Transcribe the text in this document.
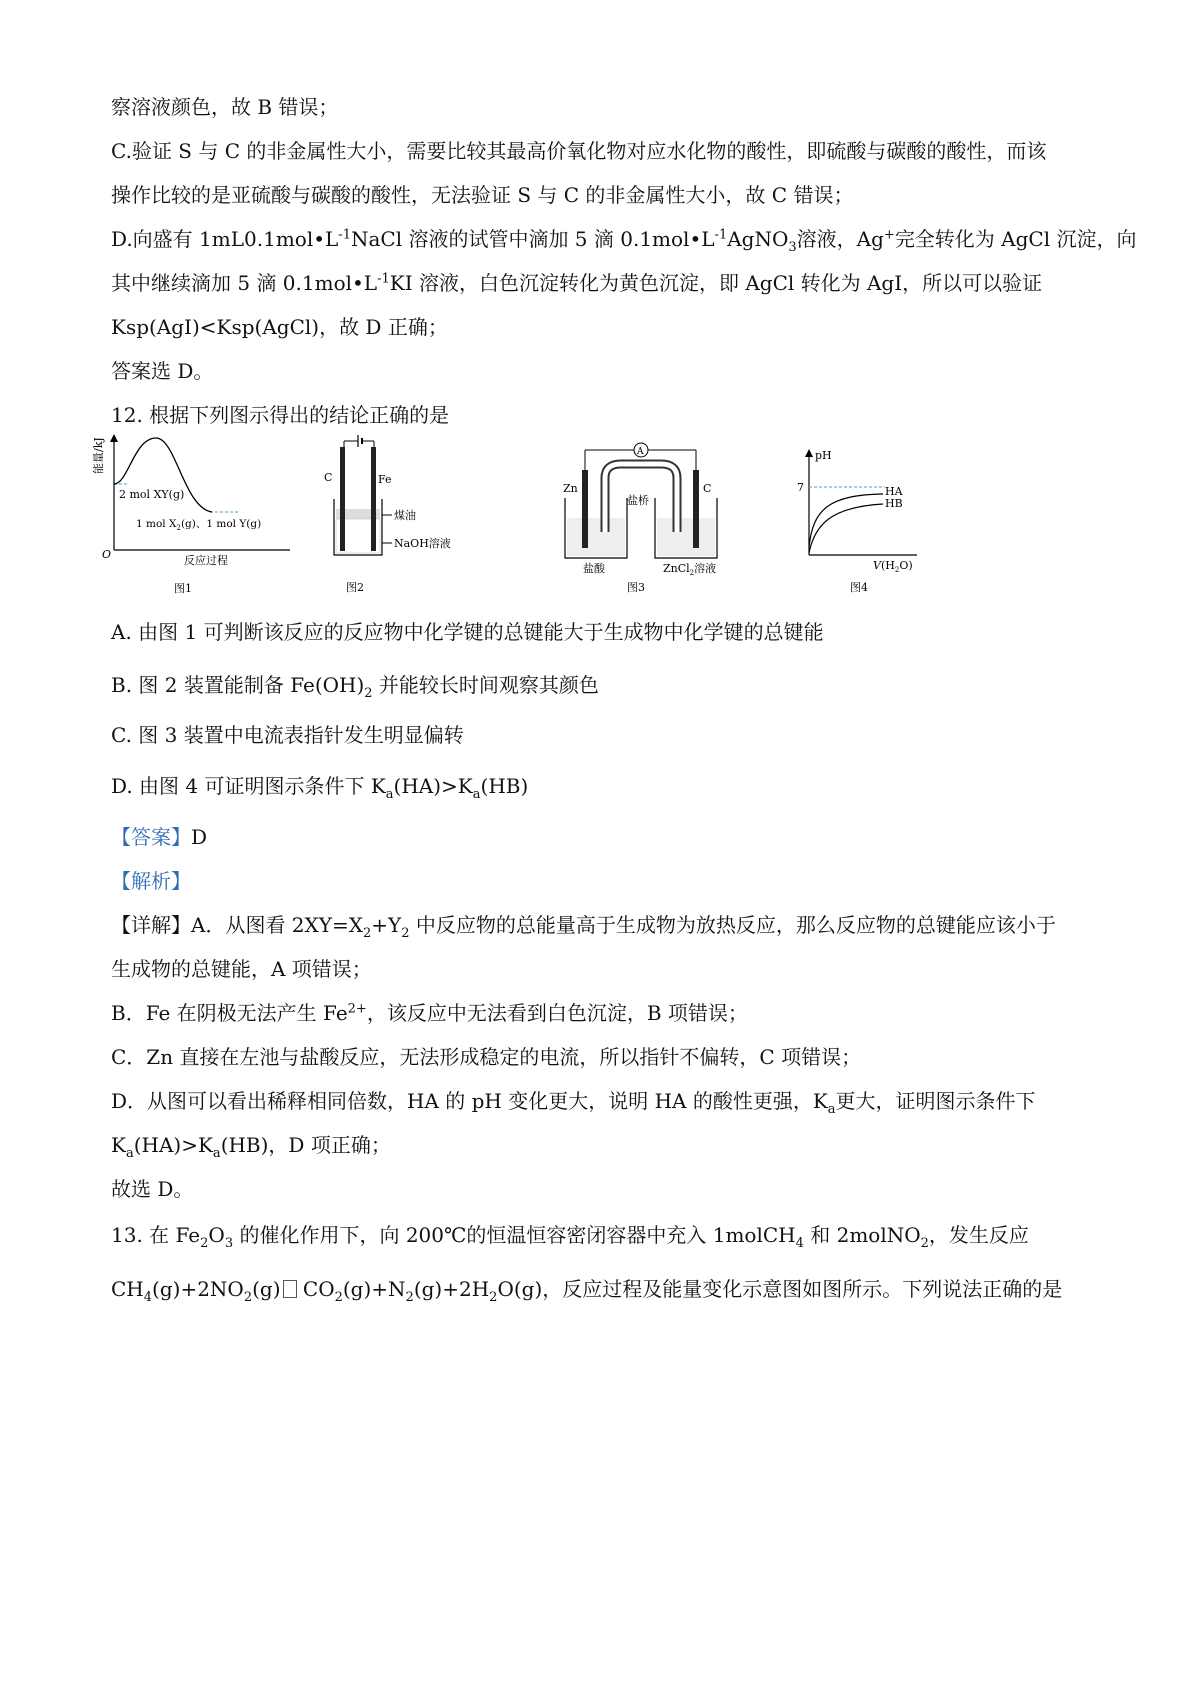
察溶液颜色，故 B 错误；
C.验证 S 与 C 的非金属性大小，需要比较其最高价氧化物对应水化物的酸性，即硫酸与碳酸的酸性，而该
操作比较的是亚硫酸与碳酸的酸性，无法验证 S 与 C 的非金属性大小，故 C 错误；
D.向盛有 $1mL0.1mol•L^{-1}NaCl$ 溶液的试管中滴加 5 滴 $0.1mol•L^{-1}AgNO_3$溶液，Ag+完全转化为 AgCl 沉淀，向
其中继续滴加 5 滴 $0.1mol•L^{-1}KI$ 溶液，白色沉淀转化为黄色沉淀，即 AgCl 转化为 AgI，所以可以验证
Ksp(AgI)<Ksp(AgCl)，故 D 正确；
答案选 D。
12. 根据下列图示得出的结论正确的是
能量/kJ
2 mol XY(g)
1 mol $X_2(g)$、1 mol Y(g)
O	反应过程
图1
C	Fe
煤油
NaOH溶液
图2
A
Zn	C
盐桥
盐酸	ZnCl$_2$溶液
图3
pH
7	HA
HB
$V(H_2O)$
图4
A. 由图 1 可判断该反应的反应物中化学键的总键能大于生成物中化学键的总键能
B. 图 2 装置能制备 $Fe(OH)_2$ 并能较长时间观察其颜色
C. 图 3 装置中电流表指针发生明显偏转
D. 由图 4 可证明图示条件下 $K_a(HA)>K_a(HB)$
【答案】D
【解析】
【详解】A．从图看 $2XY=X_2+Y_2$ 中反应物的总能量高于生成物为放热反应，那么反应物的总键能应该小于
生成物的总键能，A 项错误；
B．Fe 在阴极无法产生 $Fe^{2+}$，该反应中无法看到白色沉淀，B 项错误；
C．Zn 直接在左池与盐酸反应，无法形成稳定的电流，所以指针不偏转，C 项错误；
D．从图可以看出稀释相同倍数，HA 的 pH 变化更大，说明 HA 的酸性更强，$K_a$更大，证明图示条件下
$K_a(HA)>K_a(HB)$，D 项正确；
故选 D。
13. 在 $Fe_2O_3$ 的催化作用下，向 200℃的恒温恒容密闭容器中充入 1molCH$_4$ 和 2molNO$_2$，发生反应
$CH_4(g)+2NO_2(g)$ $CO_2(g)+N_2(g)+2H_2O(g)$，反应过程及能量变化示意图如图所示。下列说法正确的是
